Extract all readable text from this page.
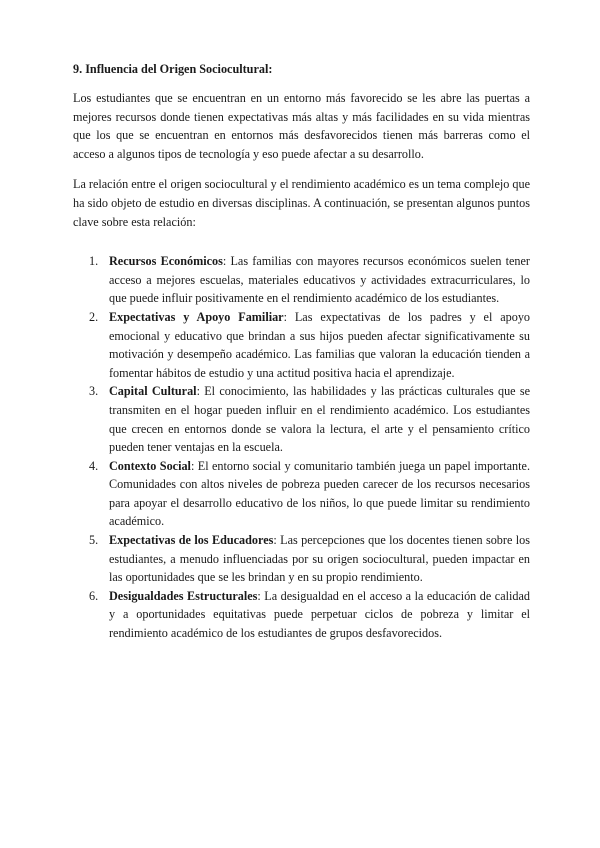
9. Influencia del Origen Sociocultural:

Los estudiantes que se encuentran en un entorno más favorecido se les abre las puertas a mejores recursos donde tienen expectativas más altas y más facilidades en su vida mientras que los que se encuentran en entornos más desfavorecidos tienen más barreras como el acceso a algunos tipos de tecnología y eso puede afectar a su desarrollo.

La relación entre el origen sociocultural y el rendimiento académico es un tema complejo que ha sido objeto de estudio en diversas disciplinas. A continuación, se presentan algunos puntos clave sobre esta relación:

1. Recursos Económicos: Las familias con mayores recursos económicos suelen tener acceso a mejores escuelas, materiales educativos y actividades extracurriculares, lo que puede influir positivamente en el rendimiento académico de los estudiantes.
2. Expectativas y Apoyo Familiar: Las expectativas de los padres y el apoyo emocional y educativo que brindan a sus hijos pueden afectar significativamente su motivación y desempeño académico. Las familias que valoran la educación tienden a fomentar hábitos de estudio y una actitud positiva hacia el aprendizaje.
3. Capital Cultural: El conocimiento, las habilidades y las prácticas culturales que se transmiten en el hogar pueden influir en el rendimiento académico. Los estudiantes que crecen en entornos donde se valora la lectura, el arte y el pensamiento crítico pueden tener ventajas en la escuela.
4. Contexto Social: El entorno social y comunitario también juega un papel importante. Comunidades con altos niveles de pobreza pueden carecer de los recursos necesarios para apoyar el desarrollo educativo de los niños, lo que puede limitar su rendimiento académico.
5. Expectativas de los Educadores: Las percepciones que los docentes tienen sobre los estudiantes, a menudo influenciadas por su origen sociocultural, pueden impactar en las oportunidades que se les brindan y en su propio rendimiento.
6. Desigualdades Estructurales: La desigualdad en el acceso a la educación de calidad y a oportunidades equitativas puede perpetuar ciclos de pobreza y limitar el rendimiento académico de los estudiantes de grupos desfavorecidos.
